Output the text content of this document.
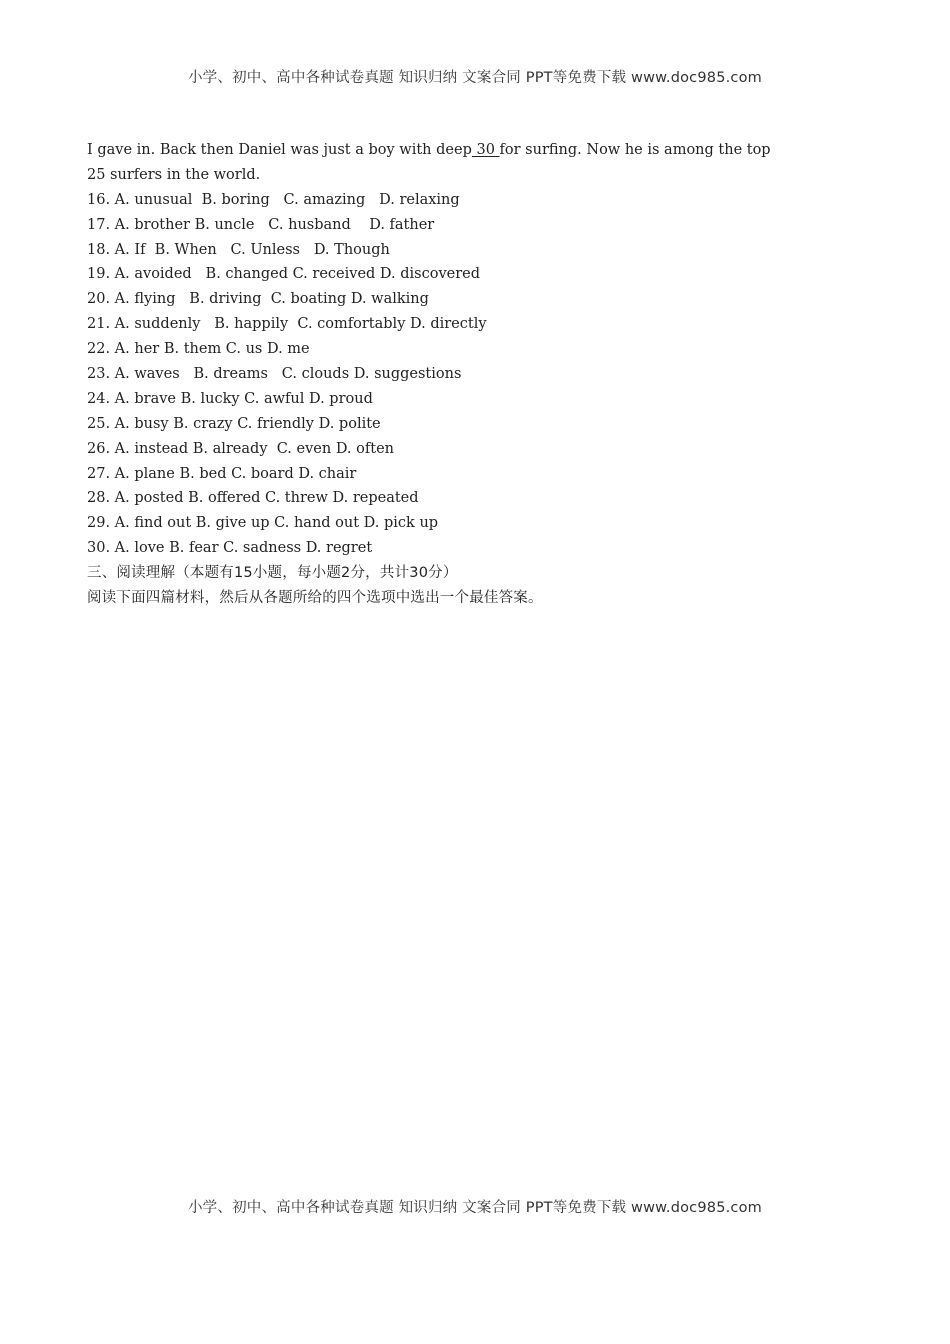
小学、初中、高中各种试卷真题 知识归纳 文案合同 PPT等免费下载 www.doc985.com
I gave in. Back then Daniel was just a boy with deep 30 for surfing. Now he is among the top
25 surfers in the world.
16. A. unusual  B. boring   C. amazing   D. relaxing
17. A. brother B. uncle   C. husband    D. father
18. A. If  B. When   C. Unless   D. Though
19. A. avoided   B. changed C. received D. discovered
20. A. flying   B. driving  C. boating D. walking
21. A. suddenly   B. happily  C. comfortably D. directly
22. A. her B. them C. us D. me
23. A. waves   B. dreams   C. clouds D. suggestions
24. A. brave B. lucky C. awful D. proud
25. A. busy B. crazy C. friendly D. polite
26. A. instead B. already  C. even D. often
27. A. plane B. bed C. board D. chair
28. A. posted B. offered C. threw D. repeated
29. A. find out B. give up C. hand out D. pick up
30. A. love B. fear C. sadness D. regret
三、阅读理解（本题有15小题，每小题2分，共计30分）
阅读下面四篇材料，然后从各题所给的四个选项中选出一个最佳答案。
小学、初中、高中各种试卷真题 知识归纳 文案合同 PPT等免费下载 www.doc985.com
